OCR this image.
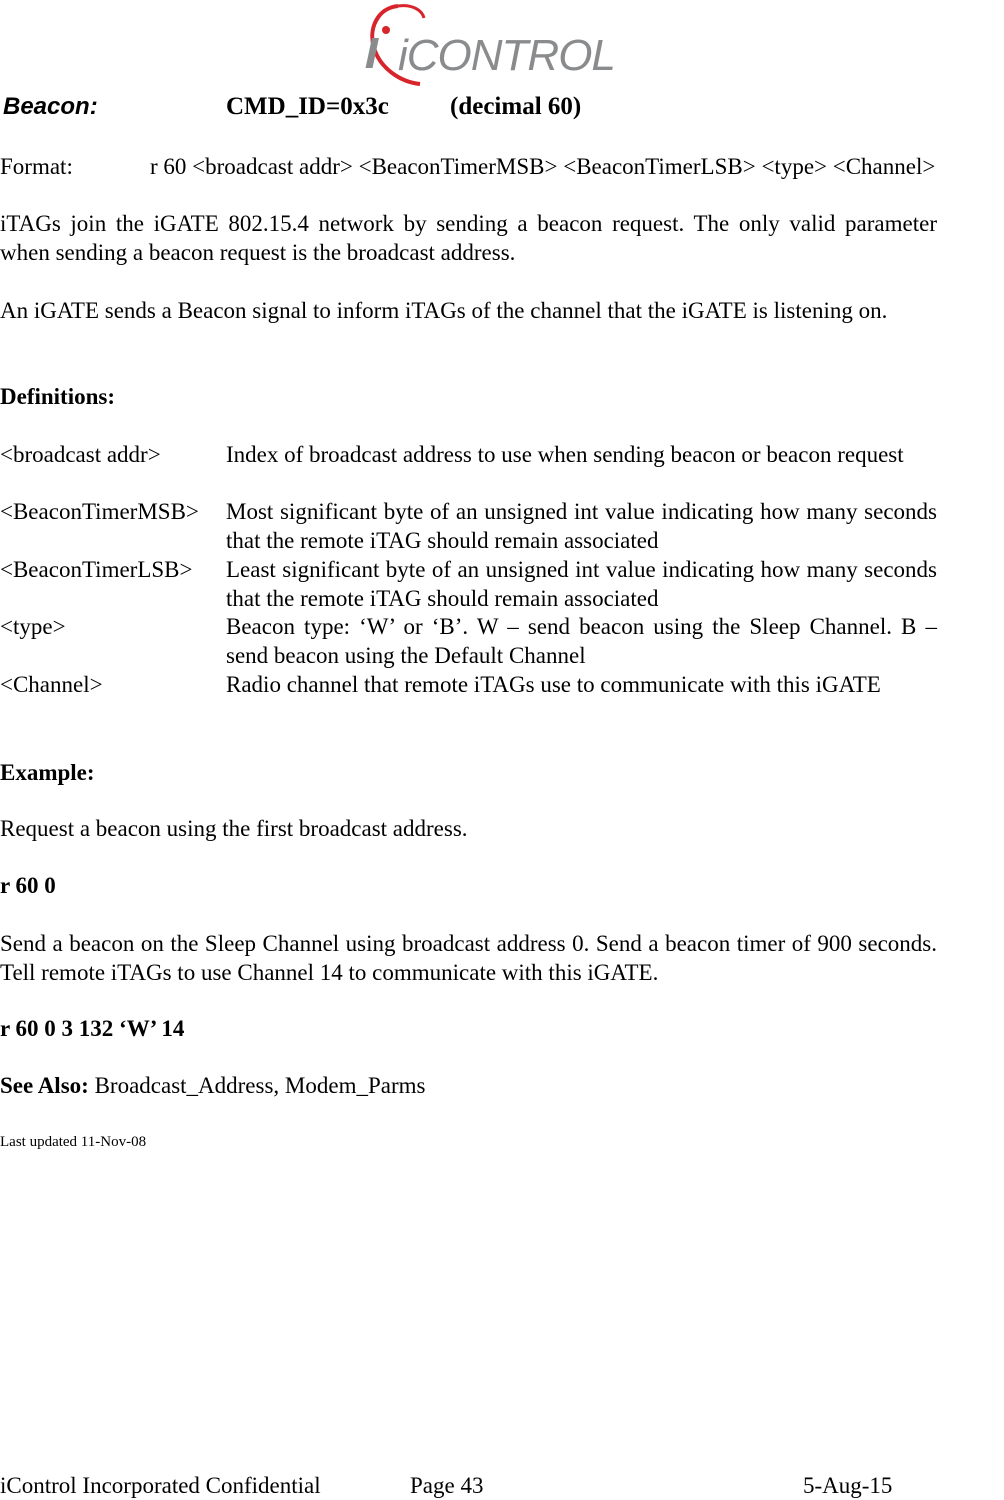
iCONTROL
Beacon:	CMD_ID=0x3c (decimal 60)
Format:	r 60 <broadcast addr> <BeaconTimerMSB> <BeaconTimerLSB> <type> <Channel>
iTAGs join the iGATE 802.15.4 network by sending a beacon request. The only valid parameter when sending a beacon request is the broadcast address.
An iGATE sends a Beacon signal to inform iTAGs of the channel that the iGATE is listening on.
Definitions:
<broadcast addr>	Index of broadcast address to use when sending beacon or beacon request
<BeaconTimerMSB> Most significant byte of an unsigned int value indicating how many seconds that the remote iTAG should remain associated
<BeaconTimerLSB> Least significant byte of an unsigned int value indicating how many seconds that the remote iTAG should remain associated
<type>	Beacon type: ‘W’ or ‘B’. W – send beacon using the Sleep Channel. B – send beacon using the Default Channel
<Channel>	Radio channel that remote iTAGs use to communicate with this iGATE
Example:
Request a beacon using the first broadcast address.
r 60 0
Send a beacon on the Sleep Channel using broadcast address 0. Send a beacon timer of 900 seconds. Tell remote iTAGs to use Channel 14 to communicate with this iGATE.
r 60 0 3 132 ‘W’ 14
See Also: Broadcast_Address, Modem_Parms
Last updated 11-Nov-08
iControl Incorporated Confidential	Page 43	5-Aug-15
